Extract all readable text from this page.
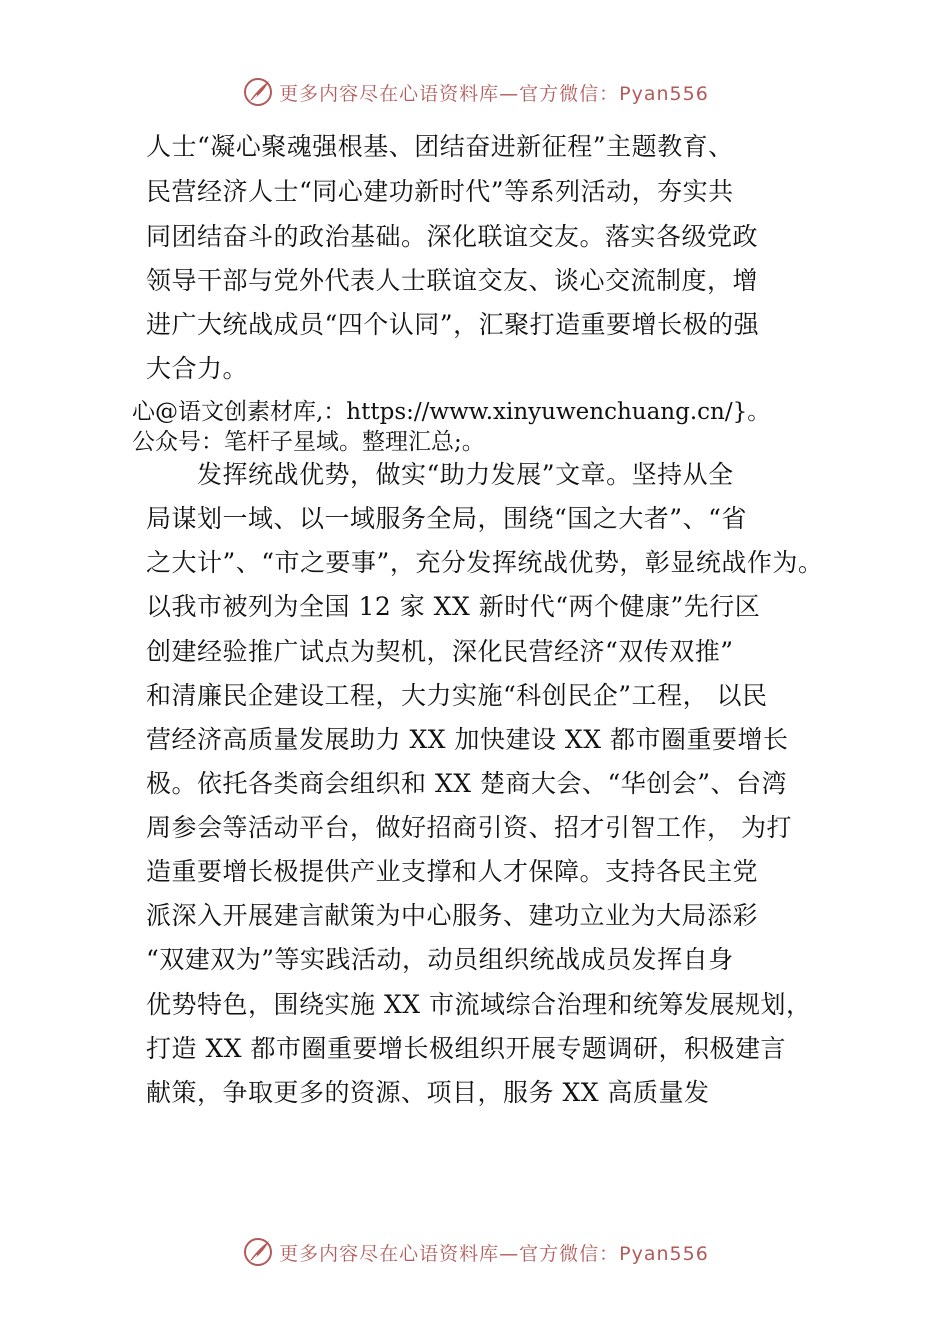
更多内容尽在心语资料库—官方微信：Pyan556
人士“凝心聚魂强根基、团结奋进新征程”主题教育、
民营经济人士“同心建功新时代”等系列活动，夯实共
同团结奋斗的政治基础。深化联谊交友。落实各级党政
领导干部与党外代表人士联谊交友、谈心交流制度，增
进广大统战成员“四个认同”，汇聚打造重要增长极的强
大合力。
心@语文创素材库,：https://www.xinyuwenchuang.cn/}。
公众号：笔杆子星域。整理汇总;。
　　发挥统战优势，做实“助力发展”文章。坚持从全
局谋划一域、以一域服务全局，围绕“国之大者”、“省
之大计”、“市之要事”，充分发挥统战优势，彰显统战作为。
以我市被列为全国 12 家 XX 新时代“两个健康”先行区
创建经验推广试点为契机，深化民营经济“双传双推”
和清廉民企建设工程，大力实施“科创民企”工程， 以民
营经济高质量发展助力 XX 加快建设 XX 都市圈重要增长
极。依托各类商会组织和 XX 楚商大会、“华创会”、台湾
周参会等活动平台，做好招商引资、招才引智工作， 为打
造重要增长极提供产业支撑和人才保障。支持各民主党
派深入开展建言献策为中心服务、建功立业为大局添彩
“双建双为”等实践活动，动员组织统战成员发挥自身
优势特色，围绕实施 XX 市流域综合治理和统筹发展规划，
打造 XX 都市圈重要增长极组织开展专题调研，积极建言
献策，争取更多的资源、项目，服务 XX 高质量发
更多内容尽在心语资料库—官方微信：Pyan556
